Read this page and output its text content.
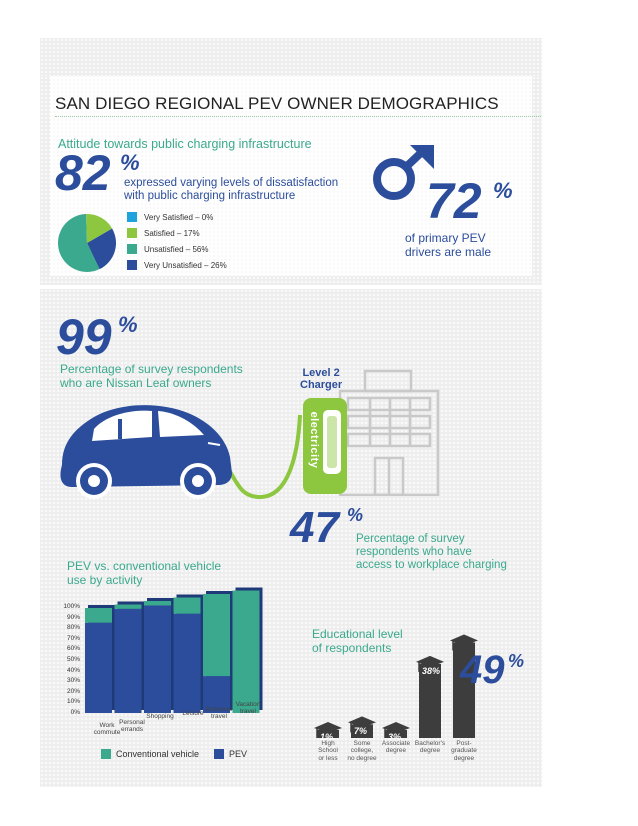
SAN DIEGO REGIONAL PEV OWNER DEMOGRAPHICS
Attitude towards public charging infrastructure
82 %
expressed varying levels of dissatisfaction
with public charging infrastructure
Very Satisfied – 0%
Satisfied – 17%
Unsatisfied – 56%
Very Unsatisfied – 26%
72 %
of primary PEV
drivers are male
99 %
Percentage of survey respondents
who are Nissan Leaf owners
Level 2
Charger
electricity
47 %
Percentage of survey
respondents who have
access to workplace charging
PEV vs. conventional vehicle
use by activity
100%
90%
80%
70%
60%
50%
40%
30%
20%
10%
0%
Work
commute
Personal
errands
Shopping	Leisure
Business
travel
Vacation
travel
Conventional vehicle	PEV
Educational level
of respondents
1%
7%
3%
38%
High
School
or less
Some
college,
no degree
Associate
degree
Bachelor's
degree
Post-
graduate
degree
49 %
